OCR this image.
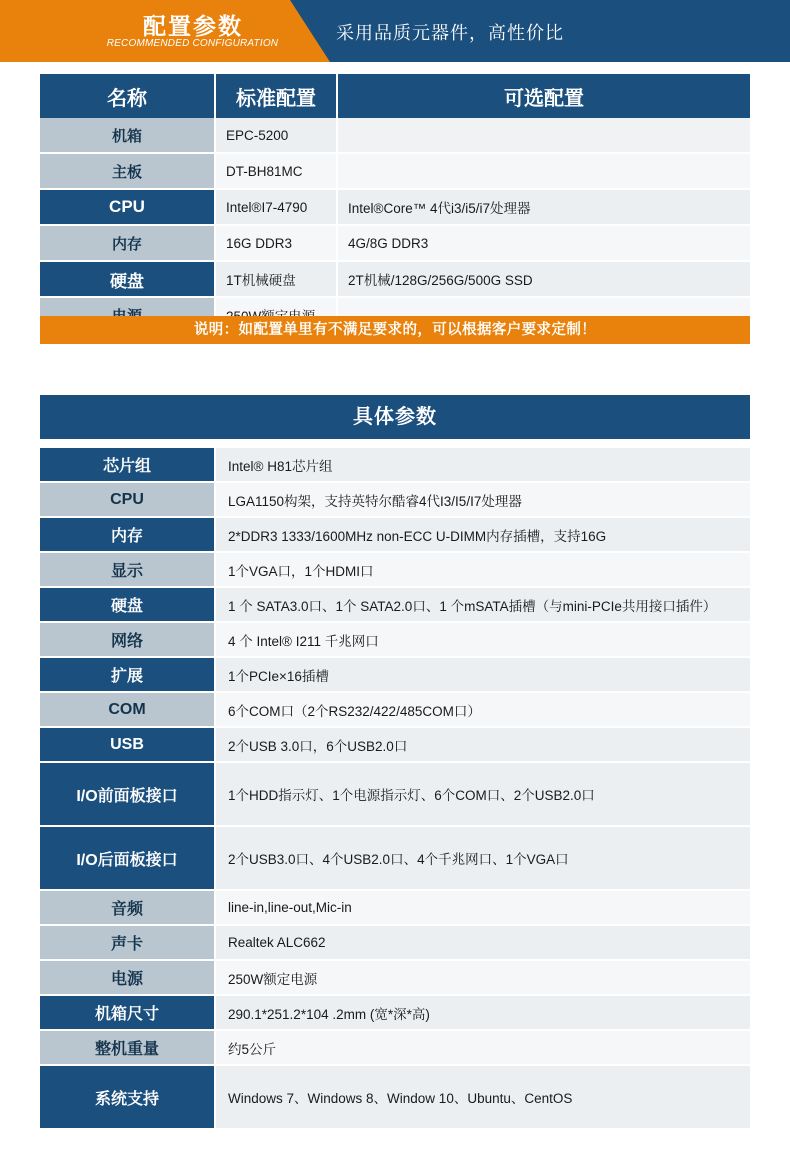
配置参数
RECOMMENDED CONFIGURATION
采用品质元器件，高性价比
名称	标准配置	可选配置
机箱	EPC-5200	
主板	DT-BH81MC	
CPU	Intel®I7-4790	Intel®Core™ 4代i3/i5/i7处理器
内存	16G DDR3	4G/8G DDR3
硬盘	1T机械硬盘	2T机械/128G/256G/500G SSD

说明：如配置单里有不满足要求的，可以根据客户要求定制！
具体参数
芯片组	Intel® H81芯片组
CPU	LGA1150构架，支持英特尔酷睿4代I3/I5/I7处理器
内存	2*DDR3 1333/1600MHz non-ECC U-DIMM内存插槽，支持16G
显示	1个VGA口，1个HDMI口
硬盘	1 个 SATA3.0口、1个 SATA2.0口、1 个mSATA插槽（与mini-PCIe共用接口插件）
网络	4 个 Intel® I211 千兆网口
扩展	1个PCIe×16插槽
COM	6个COM口（2个RS232/422/485COM口）
USB	2个USB 3.0口，6个USB2.0口
I/O前面板接口	1个HDD指示灯、1个电源指示灯、6个COM口、2个USB2.0口
I/O后面板接口	2个USB3.0口、4个USB2.0口、4个千兆网口、1个VGA口
音频	line-in,line-out,Mic-in
声卡	Realtek ALC662
电源	250W额定电源
机箱尺寸	290.1*251.2*104 .2mm (宽*深*高)
整机重量	约5公斤
系统支持	Windows 7、Windows 8、Window 10、Ubuntu、CentOS
